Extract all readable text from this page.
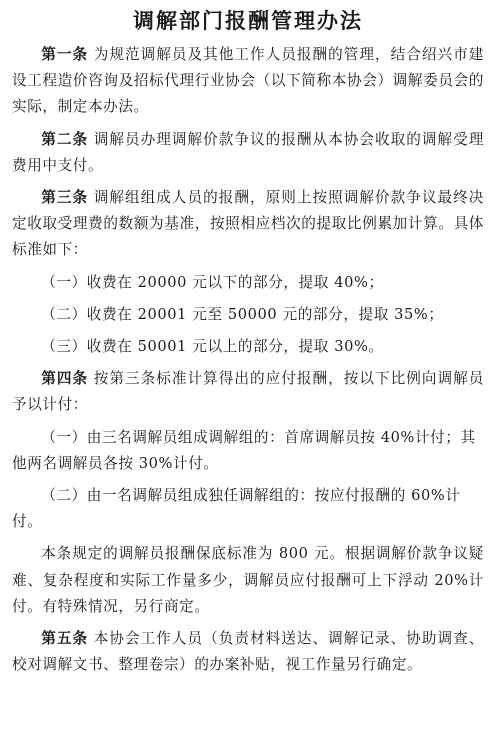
调解部门报酬管理办法

第一条 为规范调解员及其他工作人员报酬的管理，结合绍兴市建设工程造价咨询及招标代理行业协会（以下简称本协会）调解委员会的实际，制定本办法。

第二条 调解员办理调解价款争议的报酬从本协会收取的调解受理费用中支付。

第三条 调解组组成人员的报酬，原则上按照调解价款争议最终决定收取受理费的数额为基准，按照相应档次的提取比例累加计算。具体标准如下：

（一）收费在 20000 元以下的部分，提取 40%；

（二）收费在 20001 元至 50000 元的部分，提取 35%；

（三）收费在 50001 元以上的部分，提取 30%。

第四条 按第三条标准计算得出的应付报酬，按以下比例向调解员予以计付：

（一）由三名调解员组成调解组的：首席调解员按 40%计付；其他两名调解员各按 30%计付。

（二）由一名调解员组成独任调解组的：按应付报酬的 60%计付。

本条规定的调解员报酬保底标准为 800 元。根据调解价款争议疑难、复杂程度和实际工作量多少，调解员应付报酬可上下浮动 20%计付。有特殊情况，另行商定。

第五条 本协会工作人员（负责材料送达、调解记录、协助调查、校对调解文书、整理卷宗）的办案补贴，视工作量另行确定。
